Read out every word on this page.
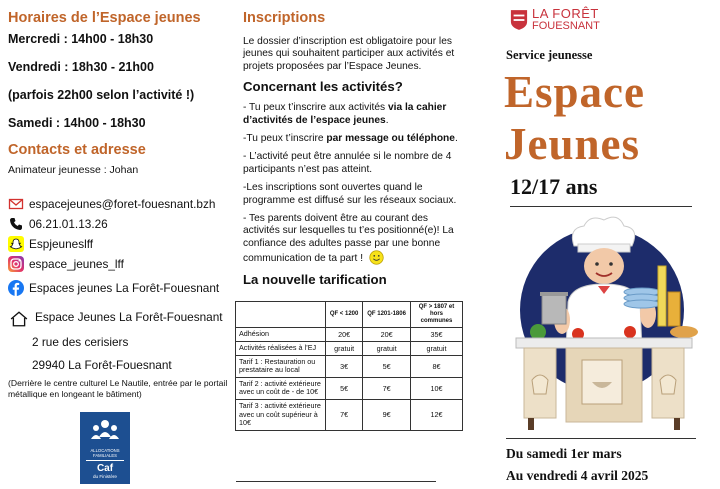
Horaires de l’Espace jeunes

Mercredi : 14h00 - 18h30

Vendredi : 18h30 - 21h00

(parfois 22h00 selon l’activité !)

Samedi : 14h00 - 18h30

Contacts et adresse
Animateur jeunesse : Johan
espacejeunes@foret-fouesnant.bzh
06.21.01.13.26
Espjeuneslff
espace_jeunes_lff
Espaces jeunes La Forêt-Fouesnant
Espace Jeunes La Forêt-Fouesnant
2 rue des cerisiers
29940 La Forêt-Fouesnant
(Derrière le centre culturel Le Nautile, entrée par le portail métallique en longeant le bâtiment)
ALLOCATIONS
FAMILIALES
Caf
du Finistère
Inscriptions

Le dossier d’inscription est obligatoire pour les jeunes qui souhaitent participer aux activités et projets proposées par l’Espace Jeunes.

Concernant les activités?

- Tu peux t’inscrire aux activités via la cahier d’activités de l’espace jeunes.

-Tu peux t’inscrire par message ou téléphone.

- L’activité peut être annulée si le nombre de 4 participants n’est pas atteint.

-Les inscriptions sont ouvertes quand le programme est diffusé sur les réseaux sociaux.

- Tes parents doivent être au courant des activités sur lesquelles tu t’es positionné(e)! La confiance des adultes passe par une bonne communication de ta part !

La nouvelle tarification
	QF < 1200	QF 1201-1806	QF > 1807 et hors communes
Adhésion	20€	20€	35€
Activités réalisées à l’EJ	gratuit	gratuit	gratuit
Tarif 1 : Restauration ou prestataire au local	3€	5€	8€
Tarif 2 : activité extérieure avec un coût de - de 10€	5€	7€	10€
Tarif 3 : activité extérieure avec un coût supérieur à 10€	7€	9€	12€
LA FORÊT
FOUESNANT
Service jeunesse
Espace
Jeunes
12/17 ans
Du samedi 1er mars
Au vendredi 4 avril 2025
